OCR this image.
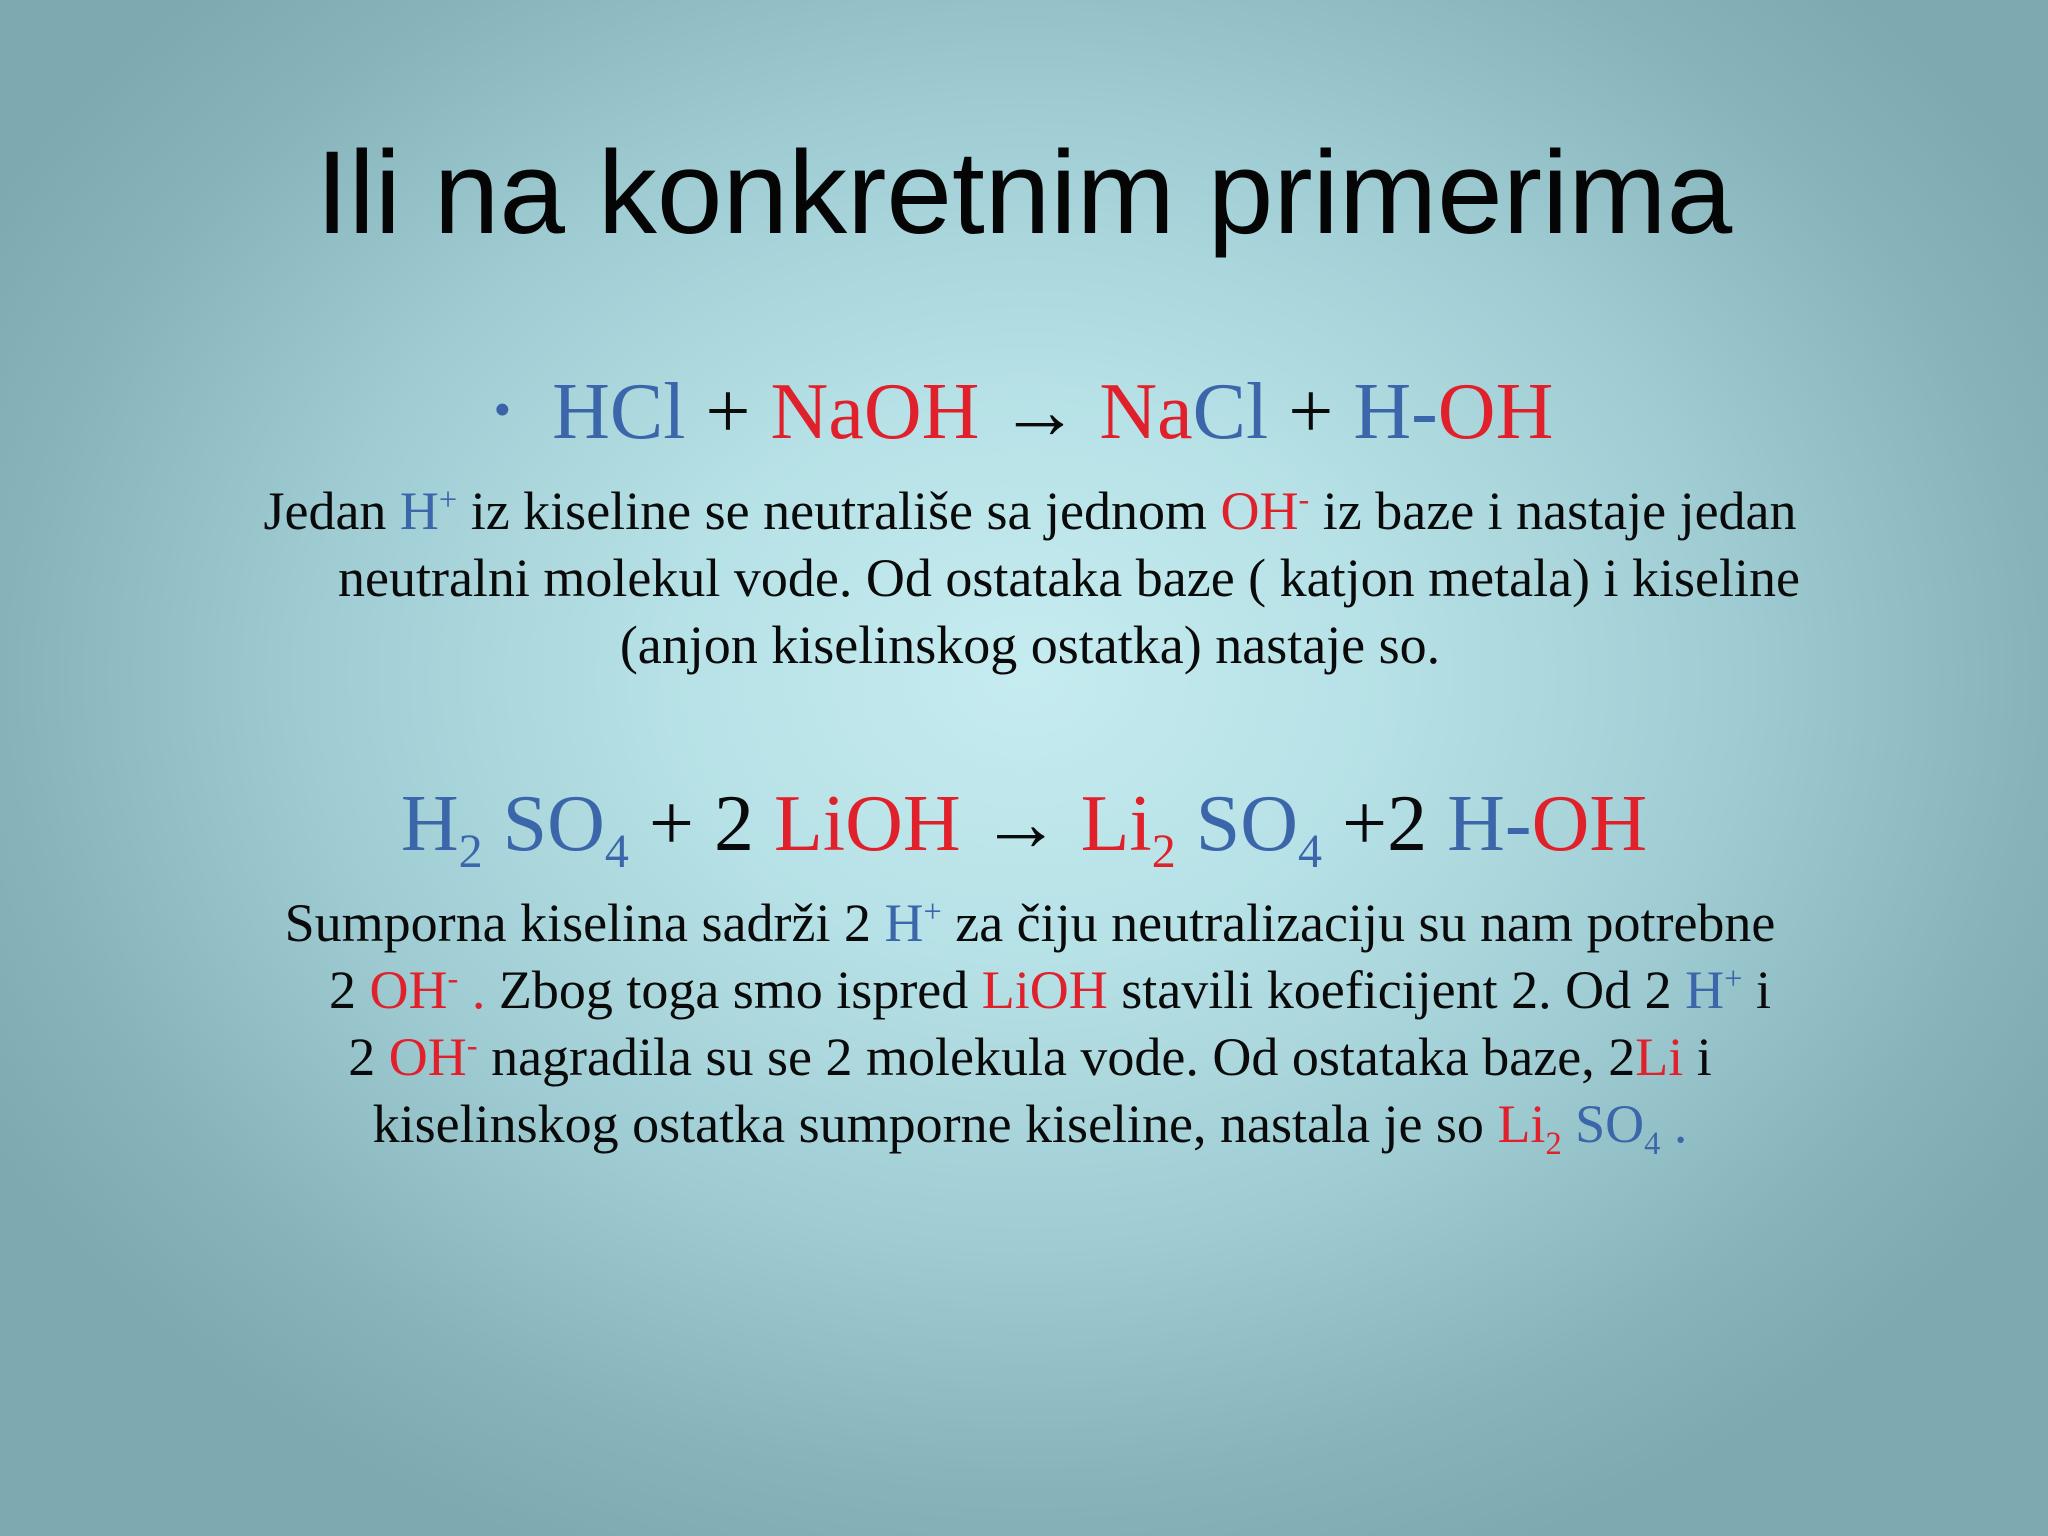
Ili na konkretnim primerima
• HCl + NaOH → NaCl + H-OH
Jedan H+ iz kiseline se neutrališe sa jednom OH- iz baze i nastaje jedan
neutralni molekul vode. Od ostataka baze ( katjon metala) i kiseline
(anjon kiselinskog ostatka) nastaje so.
$H_2$ $SO_4 + 2$ LiOH → $Li_2$ $SO_4 +2$ H-OH
Sumporna kiselina sadrži 2 H+ za čiju neutralizaciju su nam potrebne
2 OH- . Zbog toga smo ispred LiOH stavili koeficijent 2. Od 2 H+ i
2 OH- nagradila su se 2 molekula vode. Od ostataka baze, 2Li i
kiselinskog ostatka sumporne kiseline, nastala je so $Li_2$ $SO_4$ .
